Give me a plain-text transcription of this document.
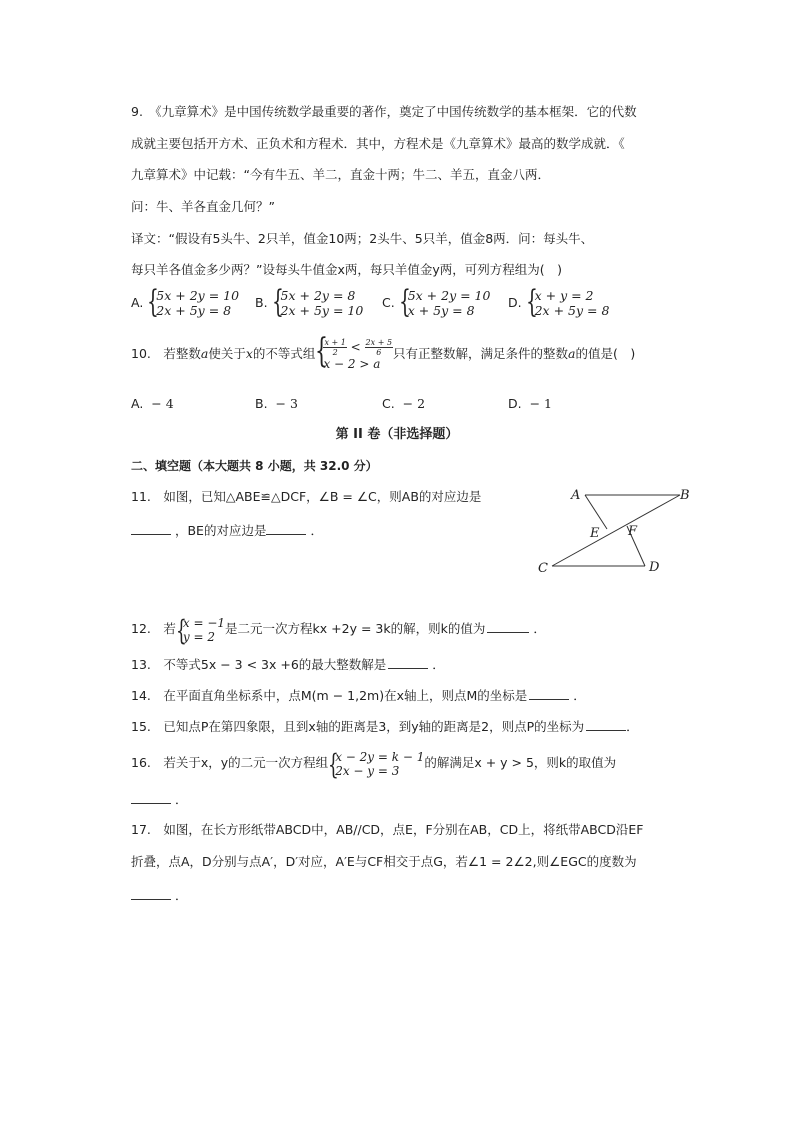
9.　《九章算术》是中国传统数学最重要的著作，奠定了中国传统数学的基本框架．它的代数
成就主要包括开方术、正负术和方程术．其中，方程术是《九章算术》最高的数学成就．《
九章算术》中记载：“今有牛五、羊二，直金十两；牛二、羊五，直金八两．
问：牛、羊各直金几何？”
译文：“假设有5头牛、2只羊，值金10两；2头牛、5只羊，值金8两．问：每头牛、
每只羊各值金多少两？”设每头牛值金x两，每只羊值金y两，可列方程组为(　)
A. {
5x + 2y = 10
2x + 5y = 8
B. {
5x + 2y = 8
2x + 5y = 10
C. {
5x + 2y = 10
x + 5y = 8
D. {
x + y = 2
2x + 5y = 8
10.　若整数a使关于x的不等式组 {
$\frac{x + 1}{2} < \frac{2x + 5}{6}$
x − 2 > a
只有正整数解，满足条件的整数a的值是(　)
A. − 4	B. − 3	C. − 2	D. − 1
第 II 卷（非选择题）
二、填空题（本大题共 8 小题，共 32.0 分）
11.　如图，已知△ABE≌△DCF，∠B = ∠C，则AB的对应边是
，BE的对应边是	．
A	B
E F
C	D
12.　若 {
x = −1
y = 2
是二元一次方程kx +2y = 3k的解，则k的值为	．
13.　不等式5x − 3 < 3x +6的最大整数解是	．
14.　在平面直角坐标系中，点M(m − 1,2m)在x轴上，则点M的坐标是	．
15.　已知点P在第四象限，且到x轴的距离是3，到y轴的距离是2，则点P的坐标为	．
16.　若关于x，y的二元一次方程组 {
x − 2y = k − 1
2x − y = 3
的解满足x + y > 5，则k的取值为
．
17.　如图，在长方形纸带ABCD中，AB//CD，点E，F分别在AB，CD上，将纸带ABCD沿EF
折叠，点A，D分别与点A′，D′对应，A′E与CF相交于点G，若∠1 = 2∠2,则∠EGC的度数为
．
